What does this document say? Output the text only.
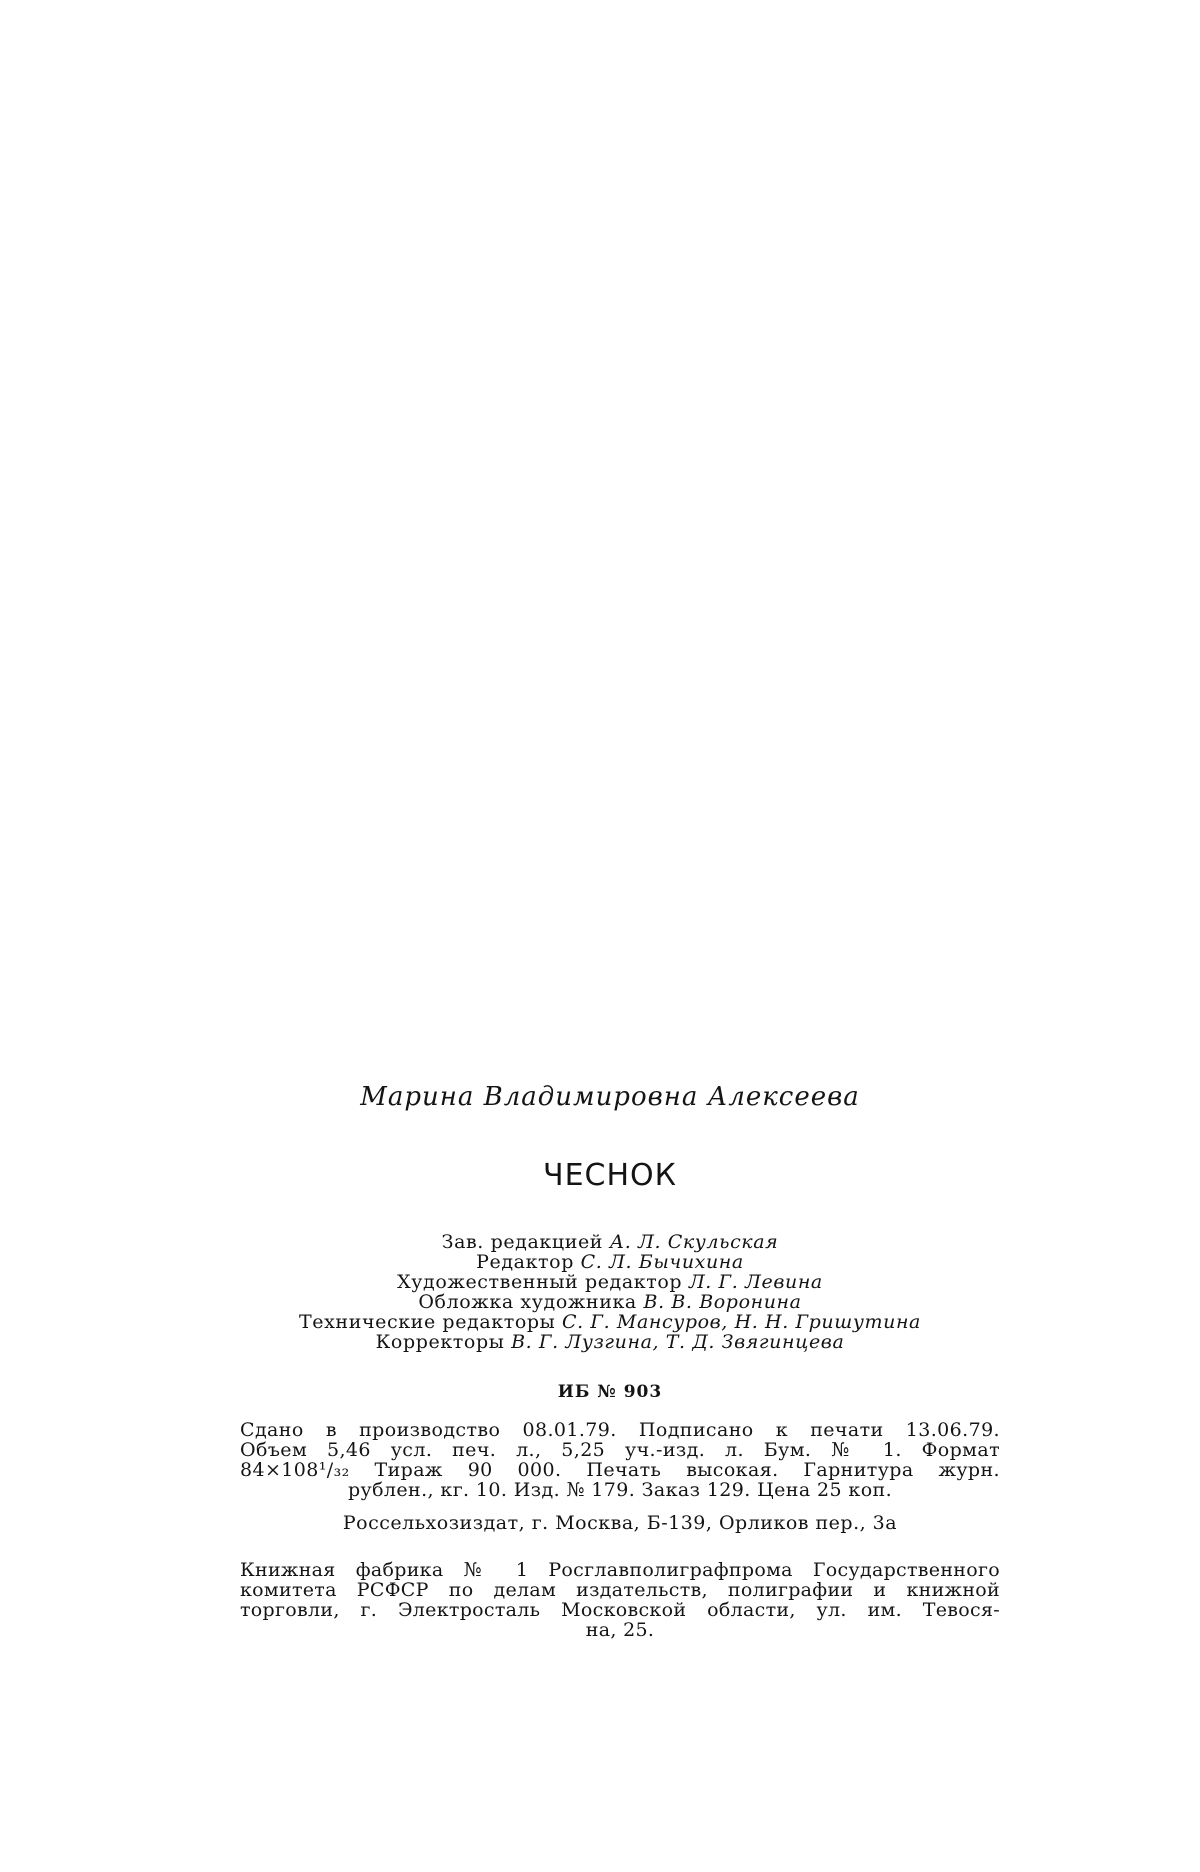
Марина Владимировна Алексеева
ЧЕСНОК
Зав. редакцией А. Л. Скульская
Редактор С. Л. Бычихина
Художественный редактор Л. Г. Левина
Обложка художника В. В. Воронина
Технические редакторы С. Г. Мансуров, Н. Н. Гришутина
Корректоры В. Г. Лузгина, Т. Д. Звягинцева
ИБ № 903
Сдано в производство 08.01.79. Подписано к печати 13.06.79.
Объем 5,46 усл. печ. л., 5,25 уч.-изд. л. Бум. № 1. Формат
84×108¹/₃₂ Тираж 90 000. Печать высокая. Гарнитура журн.
рублен., кг. 10. Изд. № 179. Заказ 129. Цена 25 коп.
Россельхозиздат, г. Москва, Б-139, Орликов пер., 3а
Книжная фабрика № 1 Росглавполиграфпрома Государственного
комитета РСФСР по делам издательств, полиграфии и книжной
торговли, г. Электросталь Московской области, ул. им. Тевося-
на, 25.
